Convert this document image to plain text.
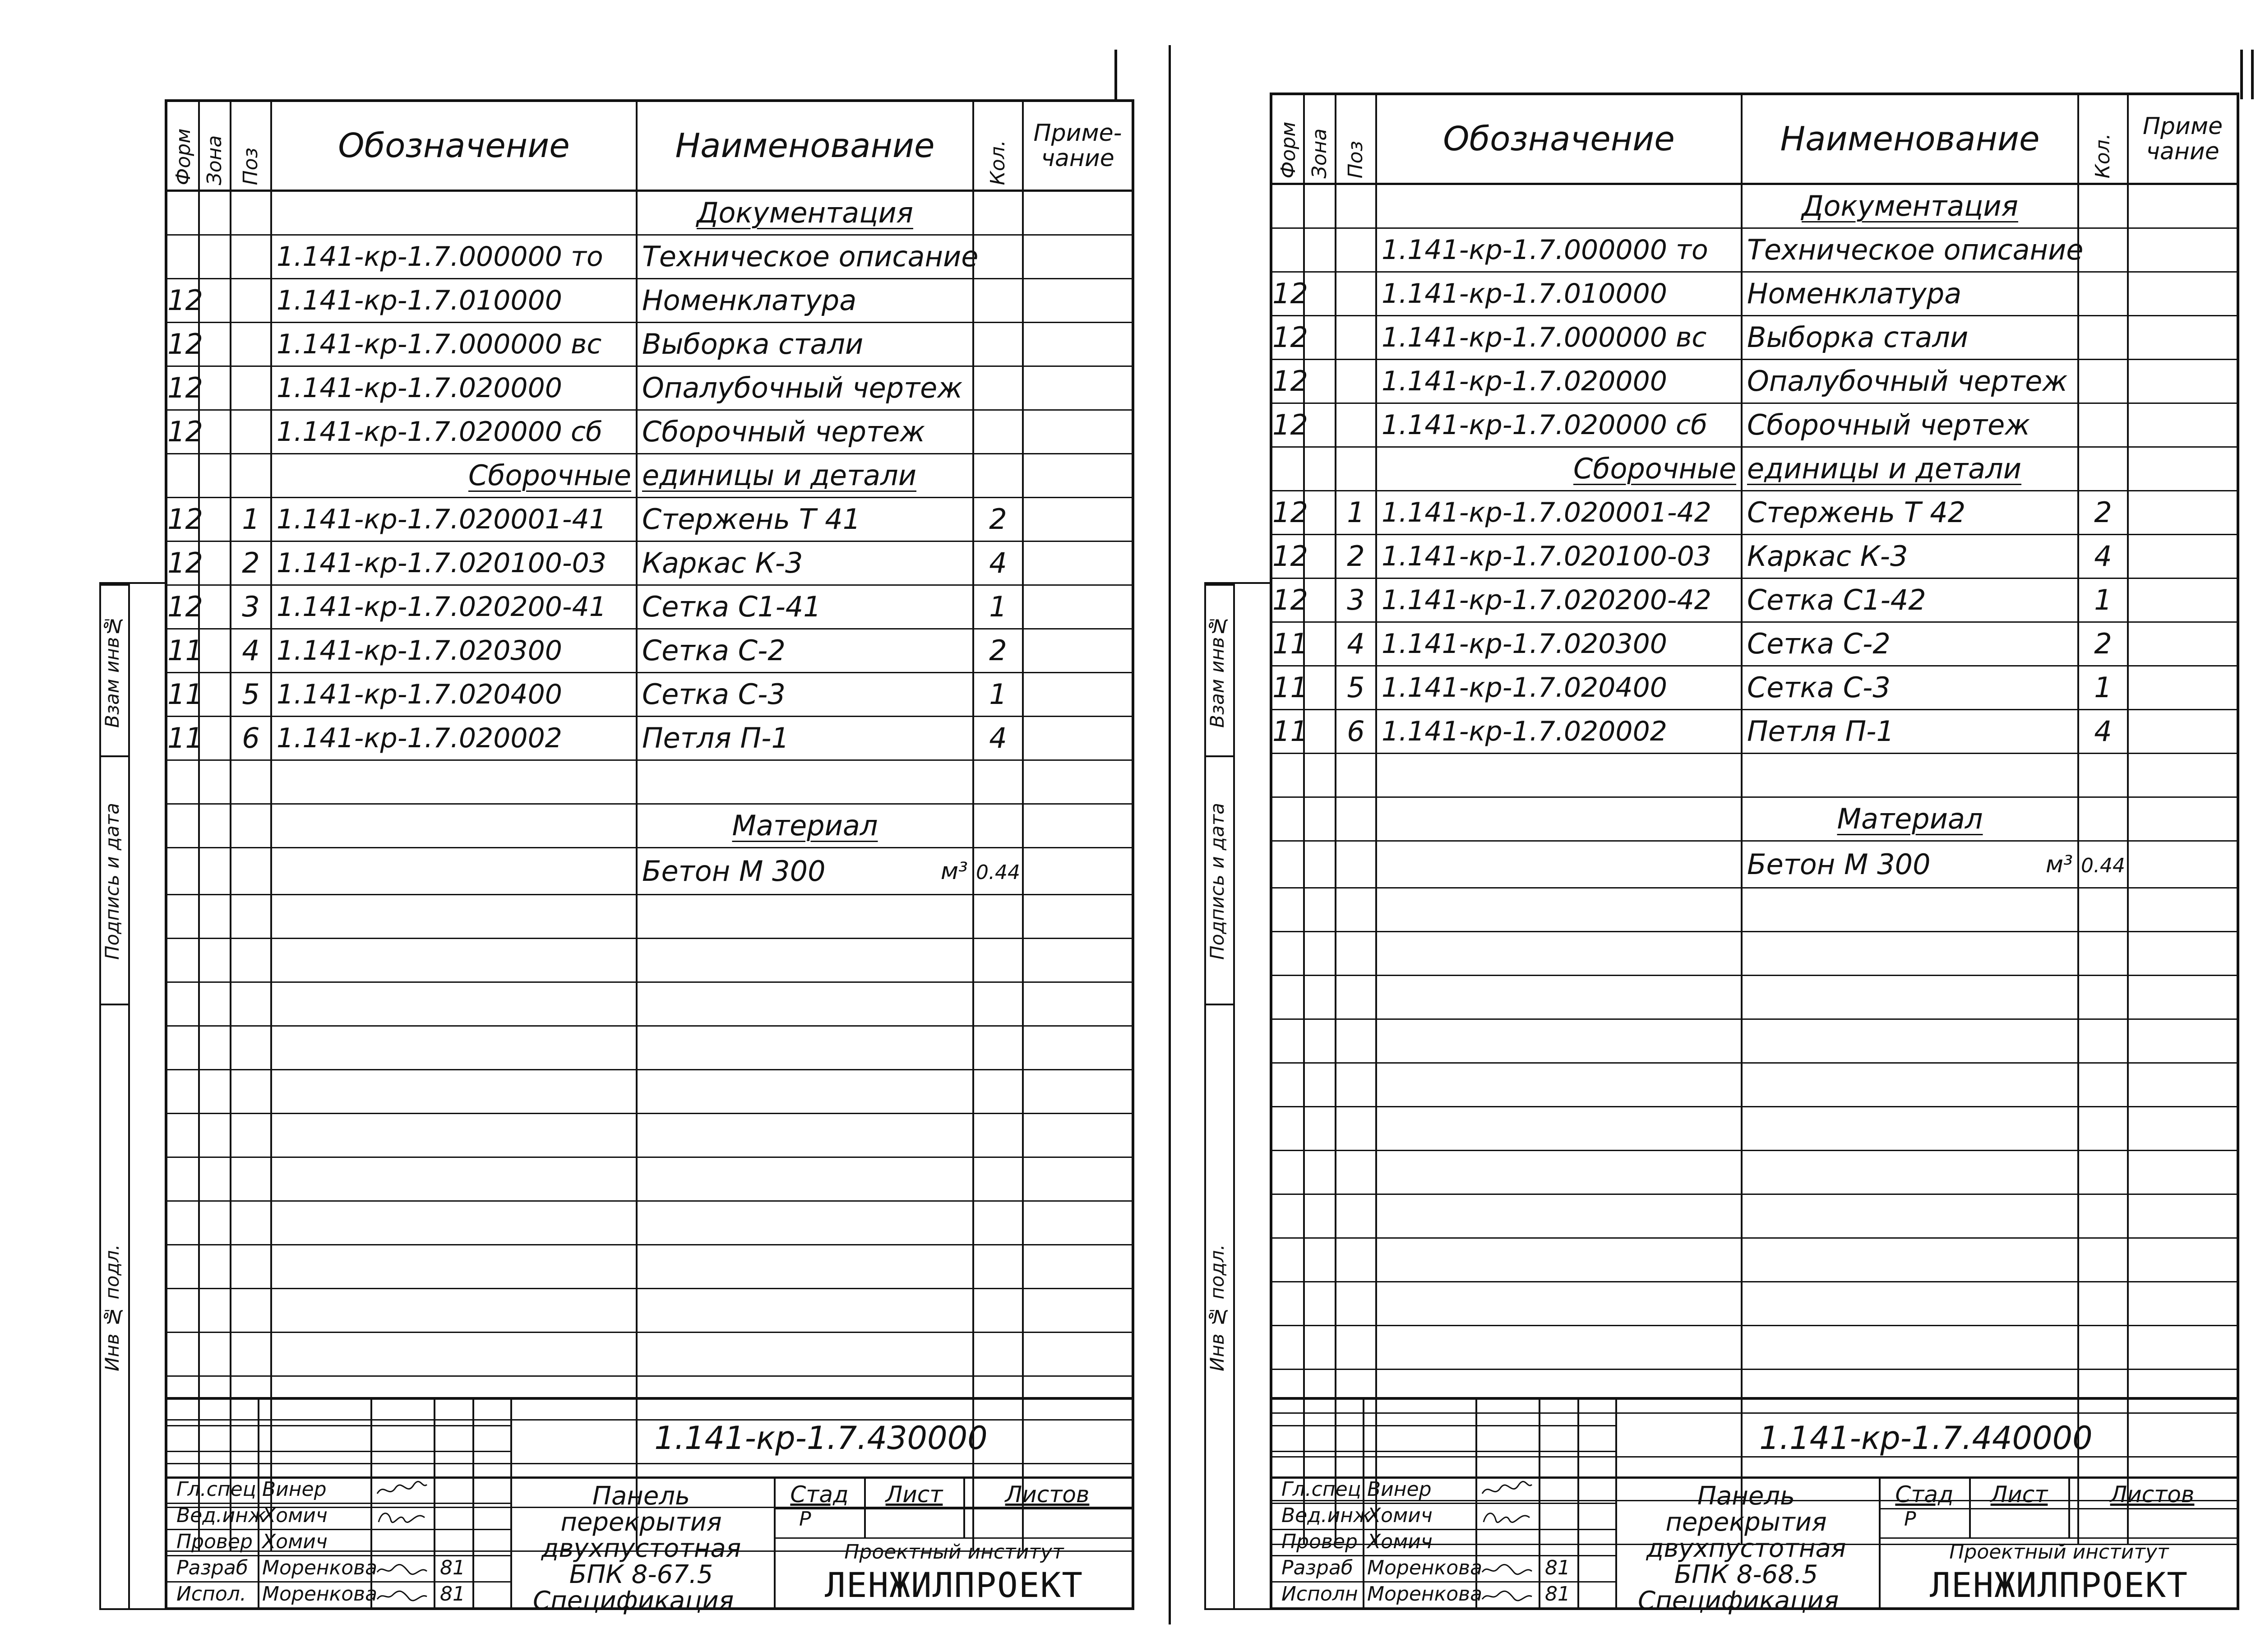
Взам инв№
Подпись и дата
Инв № подл.
Форм	Зона	Поз	Обозначение	Наименование	Кол.	Приме-чание
				Документация		
			1.141-кр-1.7.000000 то	Техническое описание		
12			1.141-кр-1.7.010000	Номенклатура		
12			1.141-кр-1.7.000000 вс	Выборка стали		
12			1.141-кр-1.7.020000	Опалубочный чертеж		
12			1.141-кр-1.7.020000 сб	Сборочный чертеж		
			Сборочные	единицы и детали		
12		1	1.141-кр-1.7.020001-41	Стержень Т 41	2	
12		2	1.141-кр-1.7.020100-03	Каркас К-3	4	
12		3	1.141-кр-1.7.020200-41	Сетка С1-41	1	
11		4	1.141-кр-1.7.020300	Сетка С-2	2	
11		5	1.141-кр-1.7.020400	Сетка С-3	1	
11		6	1.141-кр-1.7.020002	Петля П-1	4	

				Материал		
				Бетон М 300 м³	0.44	

1.141-кр-1.7.430000
Гл.спец Винер
Вед.инж
Хомич
Провер Хомич
Разраб Моренкова	81
Испол. Моренкова	81
Панель перекрытия
двухпустотная
БПК 8-67.5
Спецификация
Стад	Лист	Листов
Р
Проектный институт
ЛЕНЖИЛПРОЕКТ
Взам инв№
Подпись и дата
Инв № подл.
Форм	Зона	Поз	Обозначение	Наименование	Кол.	Приме чание
				Документация		
			1.141-кр-1.7.000000 то	Техническое описание		
12			1.141-кр-1.7.010000	Номенклатура		
12			1.141-кр-1.7.000000 вс	Выборка стали		
12			1.141-кр-1.7.020000	Опалубочный чертеж		
12			1.141-кр-1.7.020000 сб	Сборочный чертеж		
			Сборочные	единицы и детали		
12		1	1.141-кр-1.7.020001-42	Стержень Т 42	2	
12		2	1.141-кр-1.7.020100-03	Каркас К-3	4	
12		3	1.141-кр-1.7.020200-42	Сетка С1-42	1	
11		4	1.141-кр-1.7.020300	Сетка С-2	2	
11		5	1.141-кр-1.7.020400	Сетка С-3	1	
11		6	1.141-кр-1.7.020002	Петля П-1	4	

				Материал		
				Бетон М 300 м³	0.44	

1.141-кр-1.7.440000
Гл.спец Винер
Вед.инж
Хомич
Провер Хомич
Разраб Моренкова	81
Исполн Моренкова	81
Панель перекрытия
двухпустотная
БПК 8-68.5
Спецификация
Стад	Лист	Листов
Р
Проектный институт
ЛЕНЖИЛПРОЕКТ
